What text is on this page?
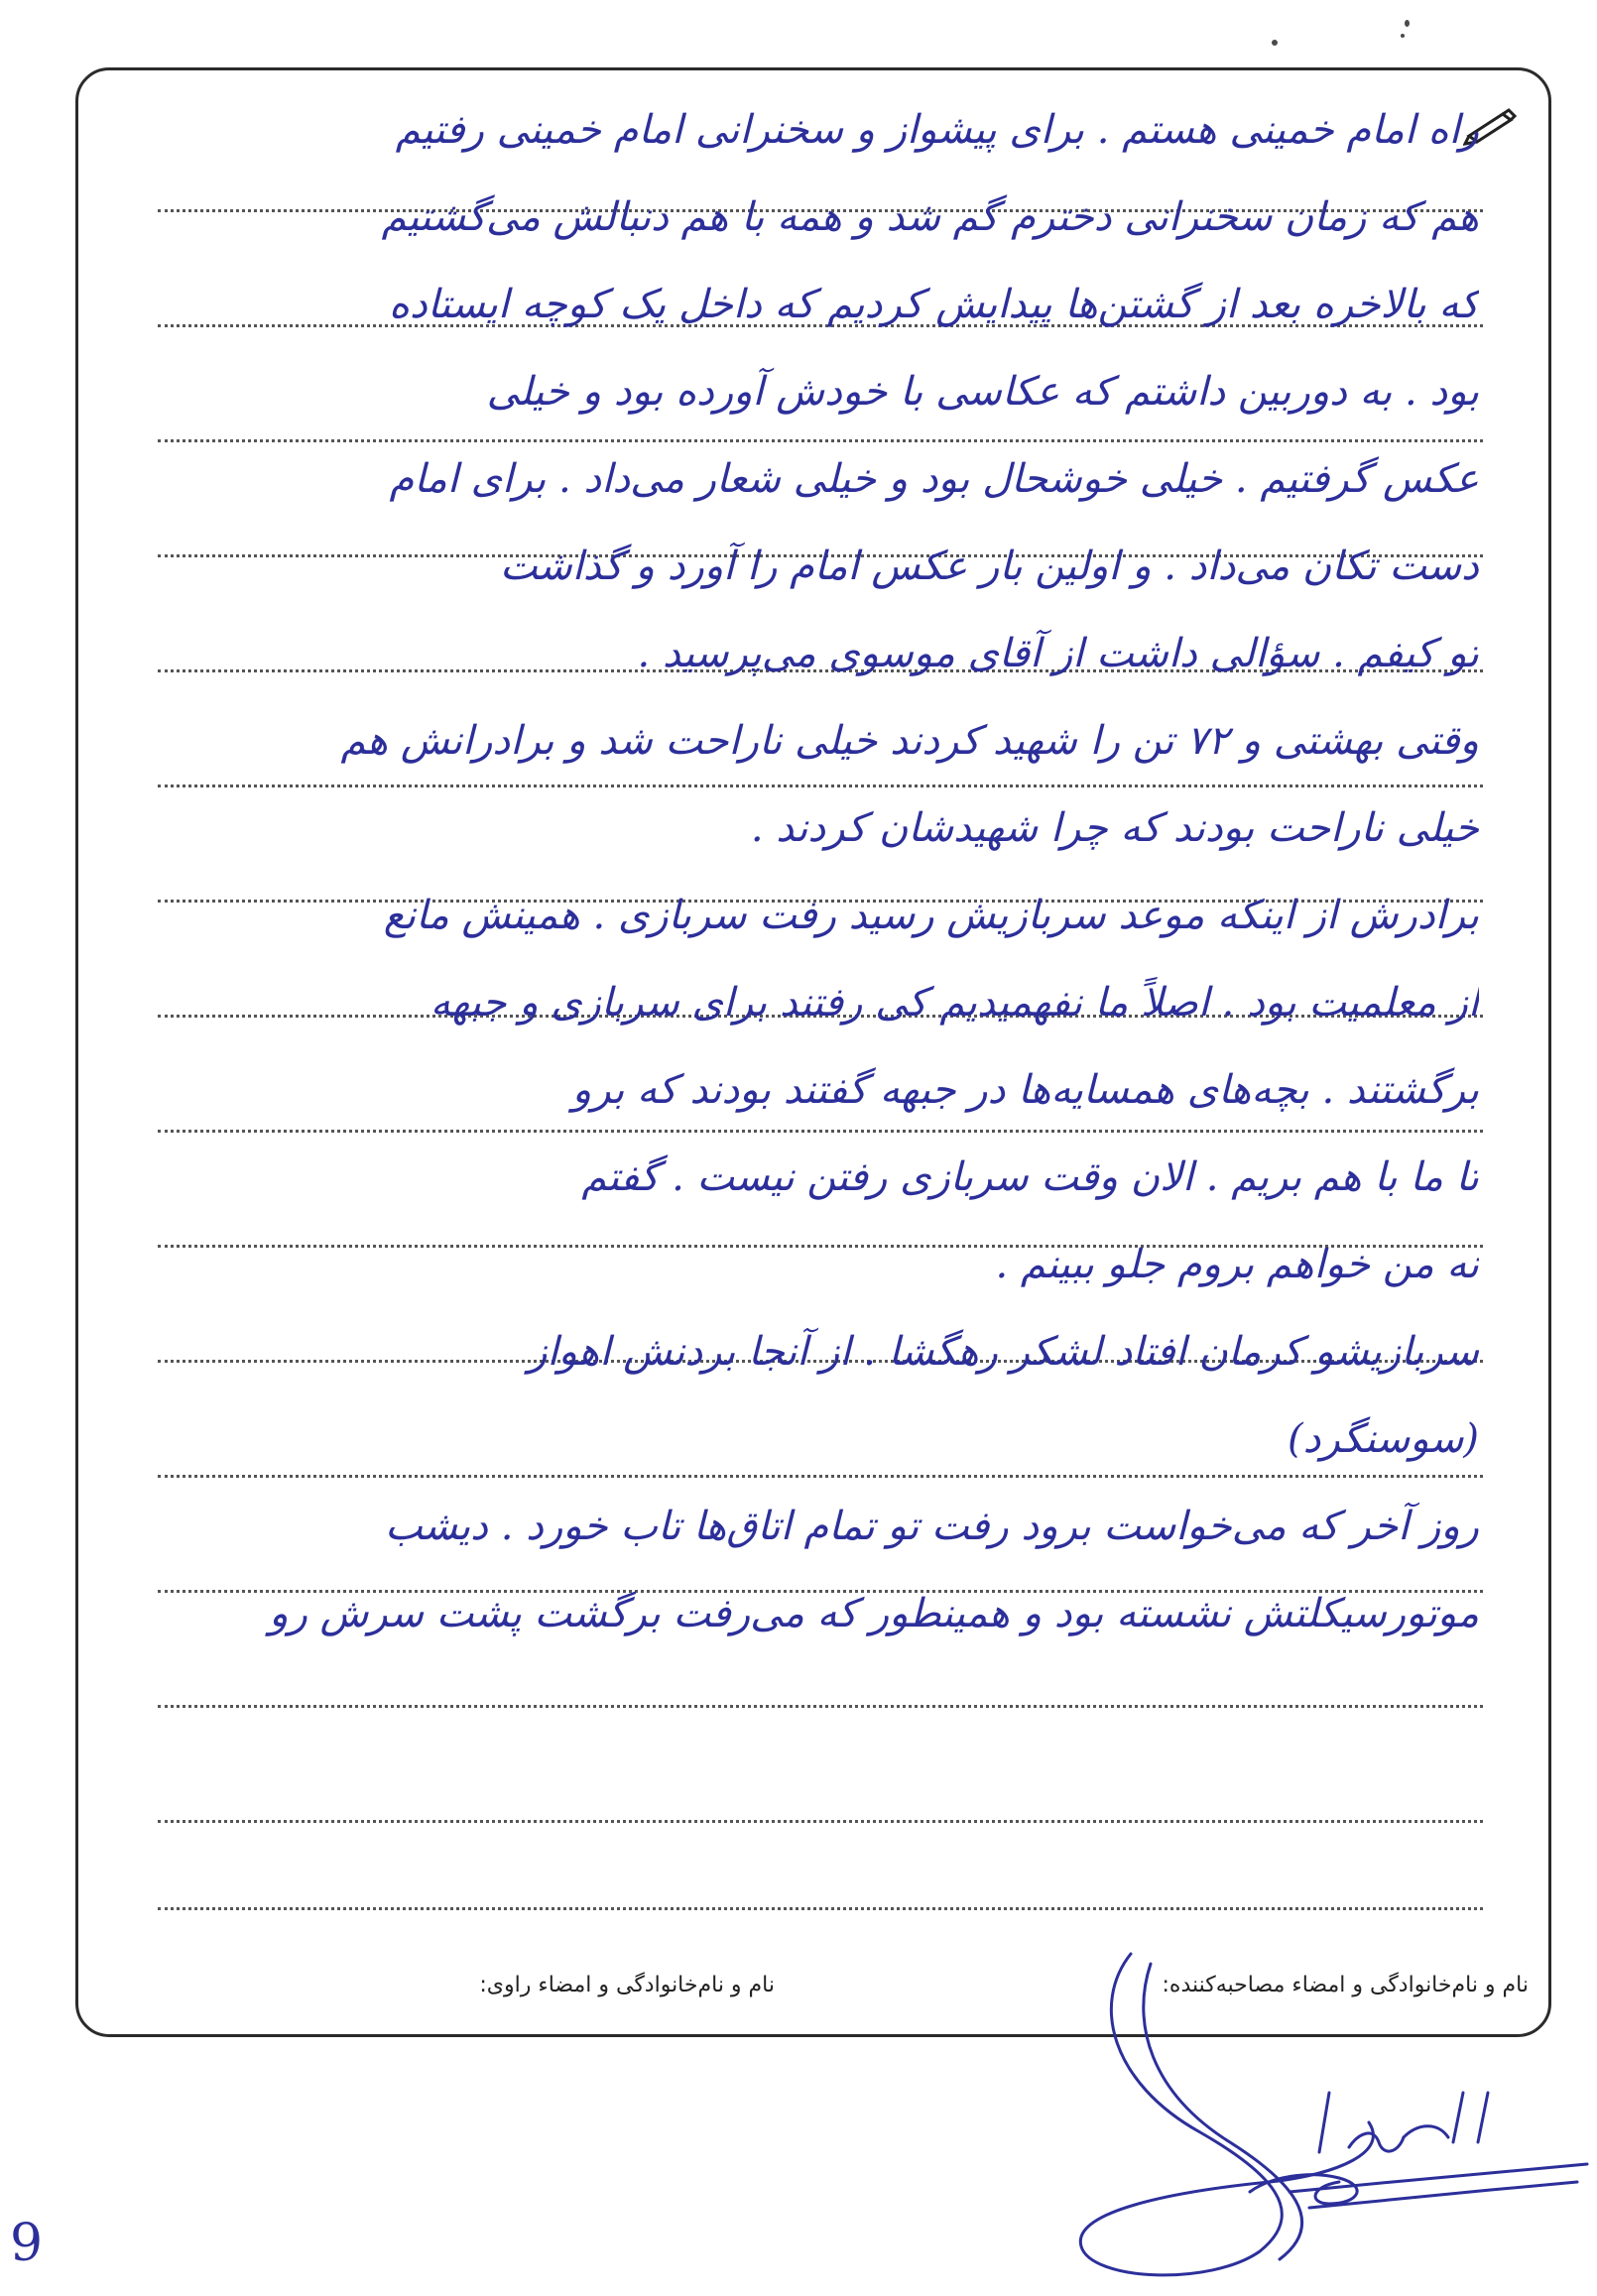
راه امام خمینی هستم . برای پیشواز و سخنرانی امام خمینی رفتیم
هم که زمان سخنرانی دخترم گم شد و همه با هم دنبالش می‌گشتیم
که بالاخره بعد از گشتن‌ها پیدایش کردیم که داخل یک کوچه ایستاده
بود . به دوربین داشتم که عکاسی با خودش آورده بود و خیلی
عکس گرفتیم . خیلی خوشحال بود و خیلی شعار می‌داد . برای امام
دست تکان می‌داد . و اولین بار عکس امام را آورد و گذاشت
تو کیفم . سؤالی داشت از آقای موسوی می‌پرسید .
وقتی بهشتی و ۷۲ تن را شهید کردند خیلی ناراحت شد و برادرانش هم
خیلی ناراحت بودند که چرا شهیدشان کردند .
برادرش از اینکه موعد سربازیش رسید رفت سربازی . همینش مانع
از معلمیت بود . اصلاً ما نفهمیدیم کی رفتند برای سربازی و جبهه
برگشتند . بچه‌های همسایه‌ها در جبهه گفتند بودند که برو
تا ما با هم بریم . الان وقت سربازی رفتن نیست . گفتم
نه من خواهم بروم جلو ببینم .
سربازیشو کرمان افتاد لشکر رهگشا . از آنجا بردنش اهواز
(سوسنگرد)
روز آخر که می‌خواست برود رفت تو تمام اتاق‌ها تاب خورد . دیشب
موتورسیکلتش نشسته بود و همینطور که می‌رفت برگشت پشت سرش رو
نام و نام‌خانوادگی و امضاء مصاحبه‌کننده:
نام و نام‌خانوادگی و امضاء راوی:
9
